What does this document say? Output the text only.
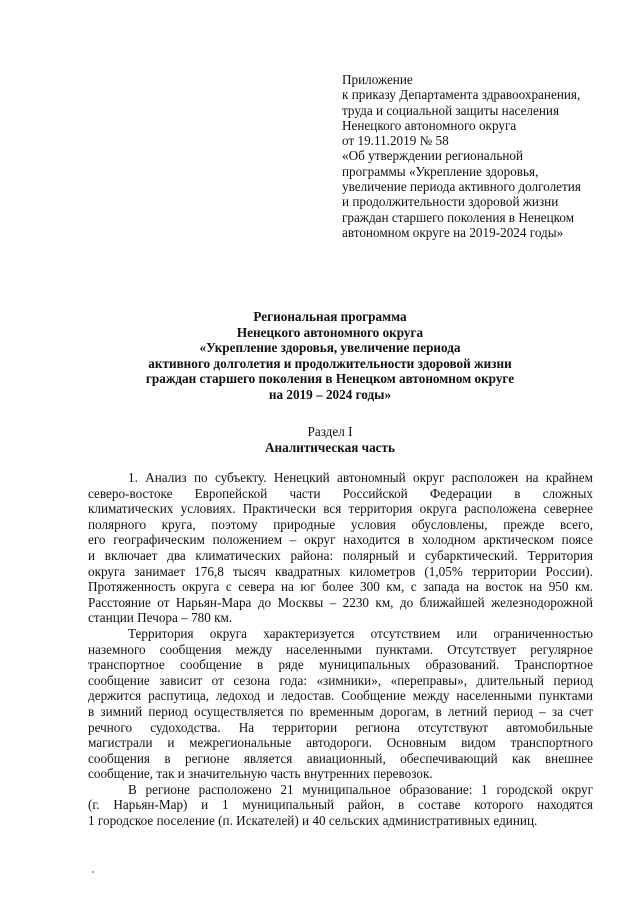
Приложение
к приказу Департамента здравоохранения,
труда и социальной защиты населения
Ненецкого автономного округа
от 19.11.2019 № 58
«Об утверждении региональной
программы «Укрепление здоровья,
увеличение периода активного долголетия
и продолжительности здоровой жизни
граждан старшего поколения в Ненецком
автономном округе на 2019-2024 годы»
Региональная программа
Ненецкого автономного округа
«Укрепление здоровья, увеличение периода
активного долголетия и продолжительности здоровой жизни
граждан старшего поколения в Ненецком автономном округе
на 2019 – 2024 годы»
Раздел I
Аналитическая часть
1. Анализ по субъекту. Ненецкий автономный округ расположен на крайнем
северо-востоке Европейской части Российской Федерации в сложных
климатических условиях. Практически вся территория округа расположена севернее
полярного круга, поэтому природные условия обусловлены, прежде всего,
его географическим положением – округ находится в холодном арктическом поясе
и включает два климатических района: полярный и субарктический. Территория
округа занимает 176,8 тысяч квадратных километров (1,05% территории России).
Протяженность округа с севера на юг более 300 км, с запада на восток на 950 км.
Расстояние от Нарьян-Мара до Москвы – 2230 км, до ближайшей железнодорожной
станции Печора – 780 км.
Территория округа характеризуется отсутствием или ограниченностью
наземного сообщения между населенными пунктами. Отсутствует регулярное
транспортное сообщение в ряде муниципальных образований. Транспортное
сообщение зависит от сезона года: «зимники», «переправы», длительный период
держится распутица, ледоход и ледостав. Сообщение между населенными пунктами
в зимний период осуществляется по временным дорогам, в летний период – за счет
речного судоходства. На территории региона отсутствуют автомобильные
магистрали и межрегиональные автодороги. Основным видом транспортного
сообщения в регионе является авиационный, обеспечивающий как внешнее
сообщение, так и значительную часть внутренних перевозок.
В регионе расположено 21 муниципальное образование: 1 городской округ
(г. Нарьян-Мар) и 1 муниципальный район, в составе которого находятся
1 городское поселение (п. Искателей) и 40 сельских административных единиц.
